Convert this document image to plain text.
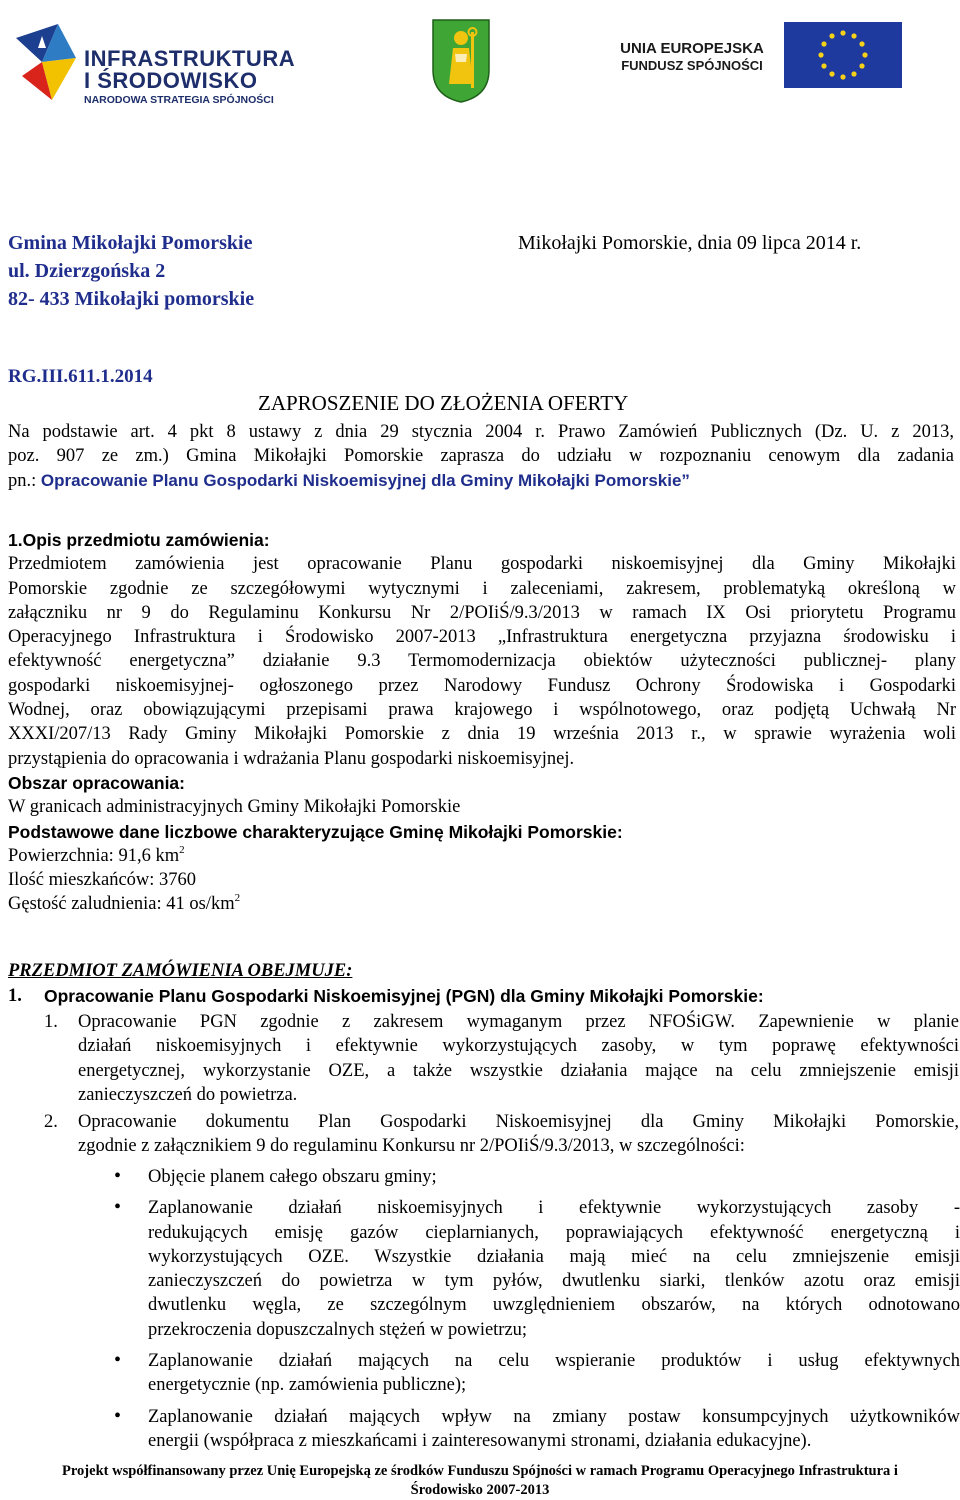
INFRASTRUKTURA
I ŚRODOWISKO
NARODOWA STRATEGIA SPÓJNOŚCI
UNIA EUROPEJSKA
FUNDUSZ SPÓJNOŚCI
Gmina Mikołajki Pomorskie
ul. Dzierzgońska 2
82- 433 Mikołajki pomorskie
Mikołajki Pomorskie, dnia 09 lipca 2014 r.
RG.III.611.1.2014
ZAPROSZENIE DO ZŁOŻENIA OFERTY
Na podstawie art. 4 pkt 8 ustawy z dnia 29 stycznia 2004 r. Prawo Zamówień Publicznych (Dz. U. z 2013,
poz. 907 ze zm.) Gmina Mikołajki Pomorskie zaprasza do udziału w rozpoznaniu cenowym dla zadania
pn.: Opracowanie Planu Gospodarki Niskoemisyjnej dla Gminy Mikołajki Pomorskie”
1.Opis przedmiotu zamówienia:
Przedmiotem zamówienia jest opracowanie Planu gospodarki niskoemisyjnej dla Gminy Mikołajki
Pomorskie zgodnie ze szczegółowymi wytycznymi i zaleceniami, zakresem, problematyką określoną w
załączniku nr 9 do Regulaminu Konkursu Nr 2/POIiŚ/9.3/2013 w ramach IX Osi priorytetu Programu
Operacyjnego Infrastruktura i Środowisko 2007-2013 „Infrastruktura energetyczna przyjazna środowisku i
efektywność energetyczna” działanie 9.3 Termomodernizacja obiektów użyteczności publicznej- plany
gospodarki niskoemisyjnej- ogłoszonego przez Narodowy Fundusz Ochrony Środowiska i Gospodarki
Wodnej, oraz obowiązującymi przepisami prawa krajowego i wspólnotowego, oraz podjętą Uchwałą Nr
XXXI/207/13 Rady Gminy Mikołajki Pomorskie z dnia 19 września 2013 r., w sprawie wyrażenia woli
przystąpienia do opracowania i wdrażania Planu gospodarki niskoemisyjnej.
Obszar opracowania:
W granicach administracyjnych Gminy Mikołajki Pomorskie
Podstawowe dane liczbowe charakteryzujące Gminę Mikołajki Pomorskie:
Powierzchnia: 91,6 $km^2$
Ilość mieszkańców: 3760
Gęstość zaludnienia: 41 $os/km^2$
PRZEDMIOT ZAMÓWIENIA OBEJMUJE:
1. Opracowanie Planu Gospodarki Niskoemisyjnej (PGN) dla Gminy Mikołajki Pomorskie:
1. Opracowanie PGN zgodnie z zakresem wymaganym przez NFOŚiGW. Zapewnienie w planie
działań niskoemisyjnych i efektywnie wykorzystujących zasoby, w tym poprawę efektywności
energetycznej, wykorzystanie OZE, a także wszystkie działania mające na celu zmniejszenie emisji
zanieczyszczeń do powietrza.
2. Opracowanie dokumentu Plan Gospodarki Niskoemisyjnej dla Gminy Mikołajki Pomorskie,
zgodnie z załącznikiem 9 do regulaminu Konkursu nr 2/POIiŚ/9.3/2013, w szczególności:
• Objęcie planem całego obszaru gminy;
• Zaplanowanie działań niskoemisyjnych i efektywnie wykorzystujących zasoby -
redukujących emisję gazów cieplarnianych, poprawiających efektywność energetyczną i
wykorzystujących OZE. Wszystkie działania mają mieć na celu zmniejszenie emisji
zanieczyszczeń do powietrza w tym pyłów, dwutlenku siarki, tlenków azotu oraz emisji
dwutlenku węgla, ze szczególnym uwzględnieniem obszarów, na których odnotowano
przekroczenia dopuszczalnych stężeń w powietrzu;
• Zaplanowanie działań mających na celu wspieranie produktów i usług efektywnych
energetycznie (np. zamówienia publiczne);
• Zaplanowanie działań mających wpływ na zmiany postaw konsumpcyjnych użytkowników
energii (współpraca z mieszkańcami i zainteresowanymi stronami, działania edukacyjne).
Projekt współfinansowany przez Unię Europejską ze środków Funduszu Spójności w ramach Programu Operacyjnego Infrastruktura i
Środowisko 2007-2013
